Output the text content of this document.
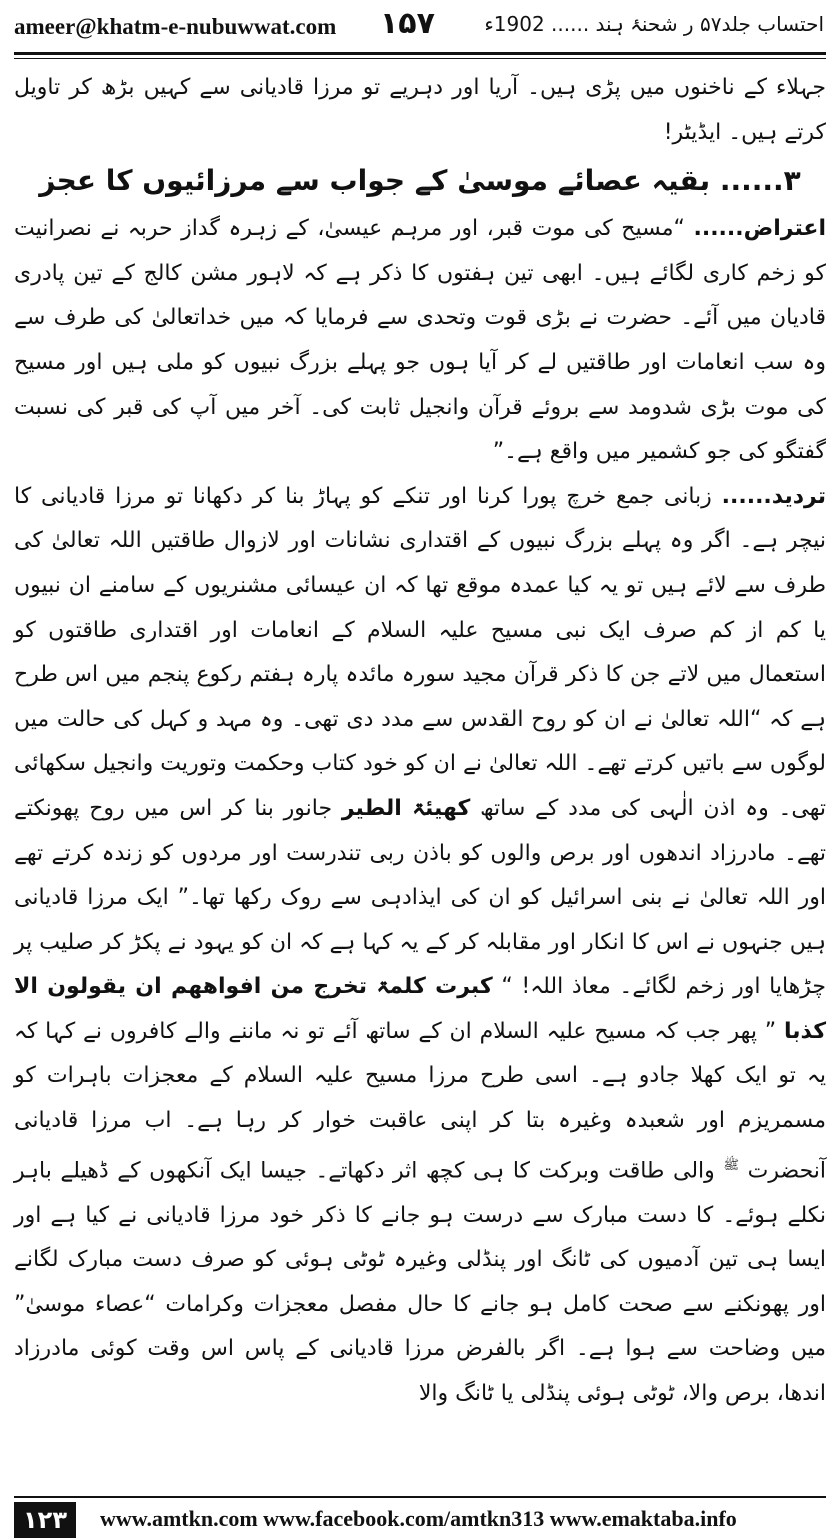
ameer@khatm-e-nubuwwat.com ۱۵۷ احتساب جلد۵۷ ر شحنۂ ہند ...... 1902ء

جہلاء کے ناخنوں میں پڑی ہیں۔ آریا اور دہریے تو مرزا قادیانی سے کہیں بڑھ کر تاویل کرتے ہیں۔ ایڈیٹر!

۳...... بقیہ عصائے موسیٰ کے جواب سے مرزائیوں کا عجز

اعتراض...... “مسیح کی موت قبر، اور مرہم عیسیٰ، کے زہرہ گداز حربہ نے نصرانیت کو زخم کاری لگائے ہیں۔ ابھی تین ہفتوں کا ذکر ہے کہ لاہور مشن کالج کے تین پادری قادیان میں آئے۔ حضرت نے بڑی قوت وتحدی سے فرمایا کہ میں خداتعالیٰ کی طرف سے وہ سب انعامات اور طاقتیں لے کر آیا ہوں جو پہلے بزرگ نبیوں کو ملی ہیں اور مسیح کی موت بڑی شدومد سے بروئے قرآن وانجیل ثابت کی۔ آخر میں آپ کی قبر کی نسبت گفتگو کی جو کشمیر میں واقع ہے۔”

تردید...... زبانی جمع خرچ پورا کرنا اور تنکے کو پہاڑ بنا کر دکھانا تو مرزا قادیانی کا نیچر ہے۔ اگر وہ پہلے بزرگ نبیوں کے اقتداری نشانات اور لازوال طاقتیں اللہ تعالیٰ کی طرف سے لائے ہیں تو یہ کیا عمدہ موقع تھا کہ ان عیسائی مشنریوں کے سامنے ان نبیوں یا کم از کم صرف ایک نبی مسیح علیہ السلام کے انعامات اور اقتداری طاقتوں کو استعمال میں لاتے جن کا ذکر قرآن مجید سورہ مائدہ پارہ ہفتم رکوع پنجم میں اس طرح ہے کہ “اللہ تعالیٰ نے ان کو روح القدس سے مدد دی تھی۔ وہ مہد و کہل کی حالت میں لوگوں سے باتیں کرتے تھے۔ اللہ تعالیٰ نے ان کو خود کتاب وحکمت وتوریت وانجیل سکھائی تھی۔ وہ اذن الٰہی کی مدد کے ساتھ کھیئۃ الطیر جانور بنا کر اس میں روح پھونکتے تھے۔ مادرزاد اندھوں اور برص والوں کو باذن ربی تندرست اور مردوں کو زندہ کرتے تھے اور اللہ تعالیٰ نے بنی اسرائیل کو ان کی ایذادہی سے روک رکھا تھا۔” ایک مرزا قادیانی ہیں جنہوں نے اس کا انکار اور مقابلہ کر کے یہ کہا ہے کہ ان کو یہود نے پکڑ کر صلیب پر چڑھایا اور زخم لگائے۔ معاذ اللہ! “ کبرت کلمۃ تخرج من افواھھم ان یقولون الا کذبا ” پھر جب کہ مسیح علیہ السلام ان کے ساتھ آئے تو نہ ماننے والے کافروں نے کہا کہ یہ تو ایک کھلا جادو ہے۔ اسی طرح مرزا مسیح علیہ السلام کے معجزات باہرات کو مسمریزم اور شعبدہ وغیرہ بتا کر اپنی عاقبت خوار کر رہا ہے۔ اب مرزا قادیانی آنحضرت $^ﷺ$ والی طاقت وبرکت کا ہی کچھ اثر دکھاتے۔ جیسا ایک آنکھوں کے ڈھیلے باہر نکلے ہوئے۔ کا دست مبارک سے درست ہو جانے کا ذکر خود مرزا قادیانی نے کیا ہے اور ایسا ہی تین آدمیوں کی ٹانگ اور پنڈلی وغیرہ ٹوٹی ہوئی کو صرف دست مبارک لگانے اور پھونکنے سے صحت کامل ہو جانے کا حال مفصل معجزات وکرامات “عصاء موسیٰ” میں وضاحت سے ہوا ہے۔ اگر بالفرض مرزا قادیانی کے پاس اس وقت کوئی مادرزاد اندھا، برص والا، ٹوٹی ہوئی پنڈلی یا ٹانگ والا

۱۲۳	www.amtkn.com www.facebook.com/amtkn313 www.emaktaba.info
